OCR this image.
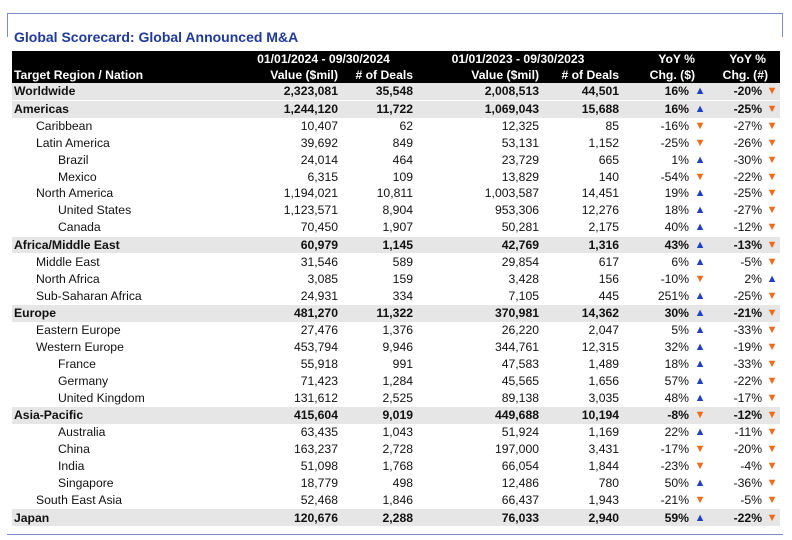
Global Scorecard: Global Announced M&A
	01/01/2024 - 09/30/2024		01/01/2023 - 09/30/2023		YoY %		YoY %	
Target Region / Nation	Value ($mil)	# of Deals	Value ($mil)	# of Deals	Chg. ($)		Chg. (#)	
Worldwide	2,323,081	35,548	2,008,513	44,501	16%	▲	-20%	▼
Americas	1,244,120	11,722	1,069,043	15,688	16%	▲	-25%	▼
Caribbean	10,407	62	12,325	85	-16%	▼	-27%	▼
Latin America	39,692	849	53,131	1,152	-25%	▼	-26%	▼
Brazil	24,014	464	23,729	665	1%	▲	-30%	▼
Mexico	6,315	109	13,829	140	-54%	▼	-22%	▼
North America	1,194,021	10,811	1,003,587	14,451	19%	▲	-25%	▼
United States	1,123,571	8,904	953,306	12,276	18%	▲	-27%	▼
Canada	70,450	1,907	50,281	2,175	40%	▲	-12%	▼
Africa/Middle East	60,979	1,145	42,769	1,316	43%	▲	-13%	▼
Middle East	31,546	589	29,854	617	6%	▲	-5%	▼
North Africa	3,085	159	3,428	156	-10%	▼	2%	▲
Sub-Saharan Africa	24,931	334	7,105	445	251%	▲	-25%	▼
Europe	481,270	11,322	370,981	14,362	30%	▲	-21%	▼
Eastern Europe	27,476	1,376	26,220	2,047	5%	▲	-33%	▼
Western Europe	453,794	9,946	344,761	12,315	32%	▲	-19%	▼
France	55,918	991	47,583	1,489	18%	▲	-33%	▼
Germany	71,423	1,284	45,565	1,656	57%	▲	-22%	▼
United Kingdom	131,612	2,525	89,138	3,035	48%	▲	-17%	▼
Asia-Pacific	415,604	9,019	449,688	10,194	-8%	▼	-12%	▼
Australia	63,435	1,043	51,924	1,169	22%	▲	-11%	▼
China	163,237	2,728	197,000	3,431	-17%	▼	-20%	▼
India	51,098	1,768	66,054	1,844	-23%	▼	-4%	▼
Singapore	18,779	498	12,486	780	50%	▲	-36%	▼
South East Asia	52,468	1,846	66,437	1,943	-21%	▼	-5%	▼
Japan	120,676	2,288	76,033	2,940	59%	▲	-22%	▼
